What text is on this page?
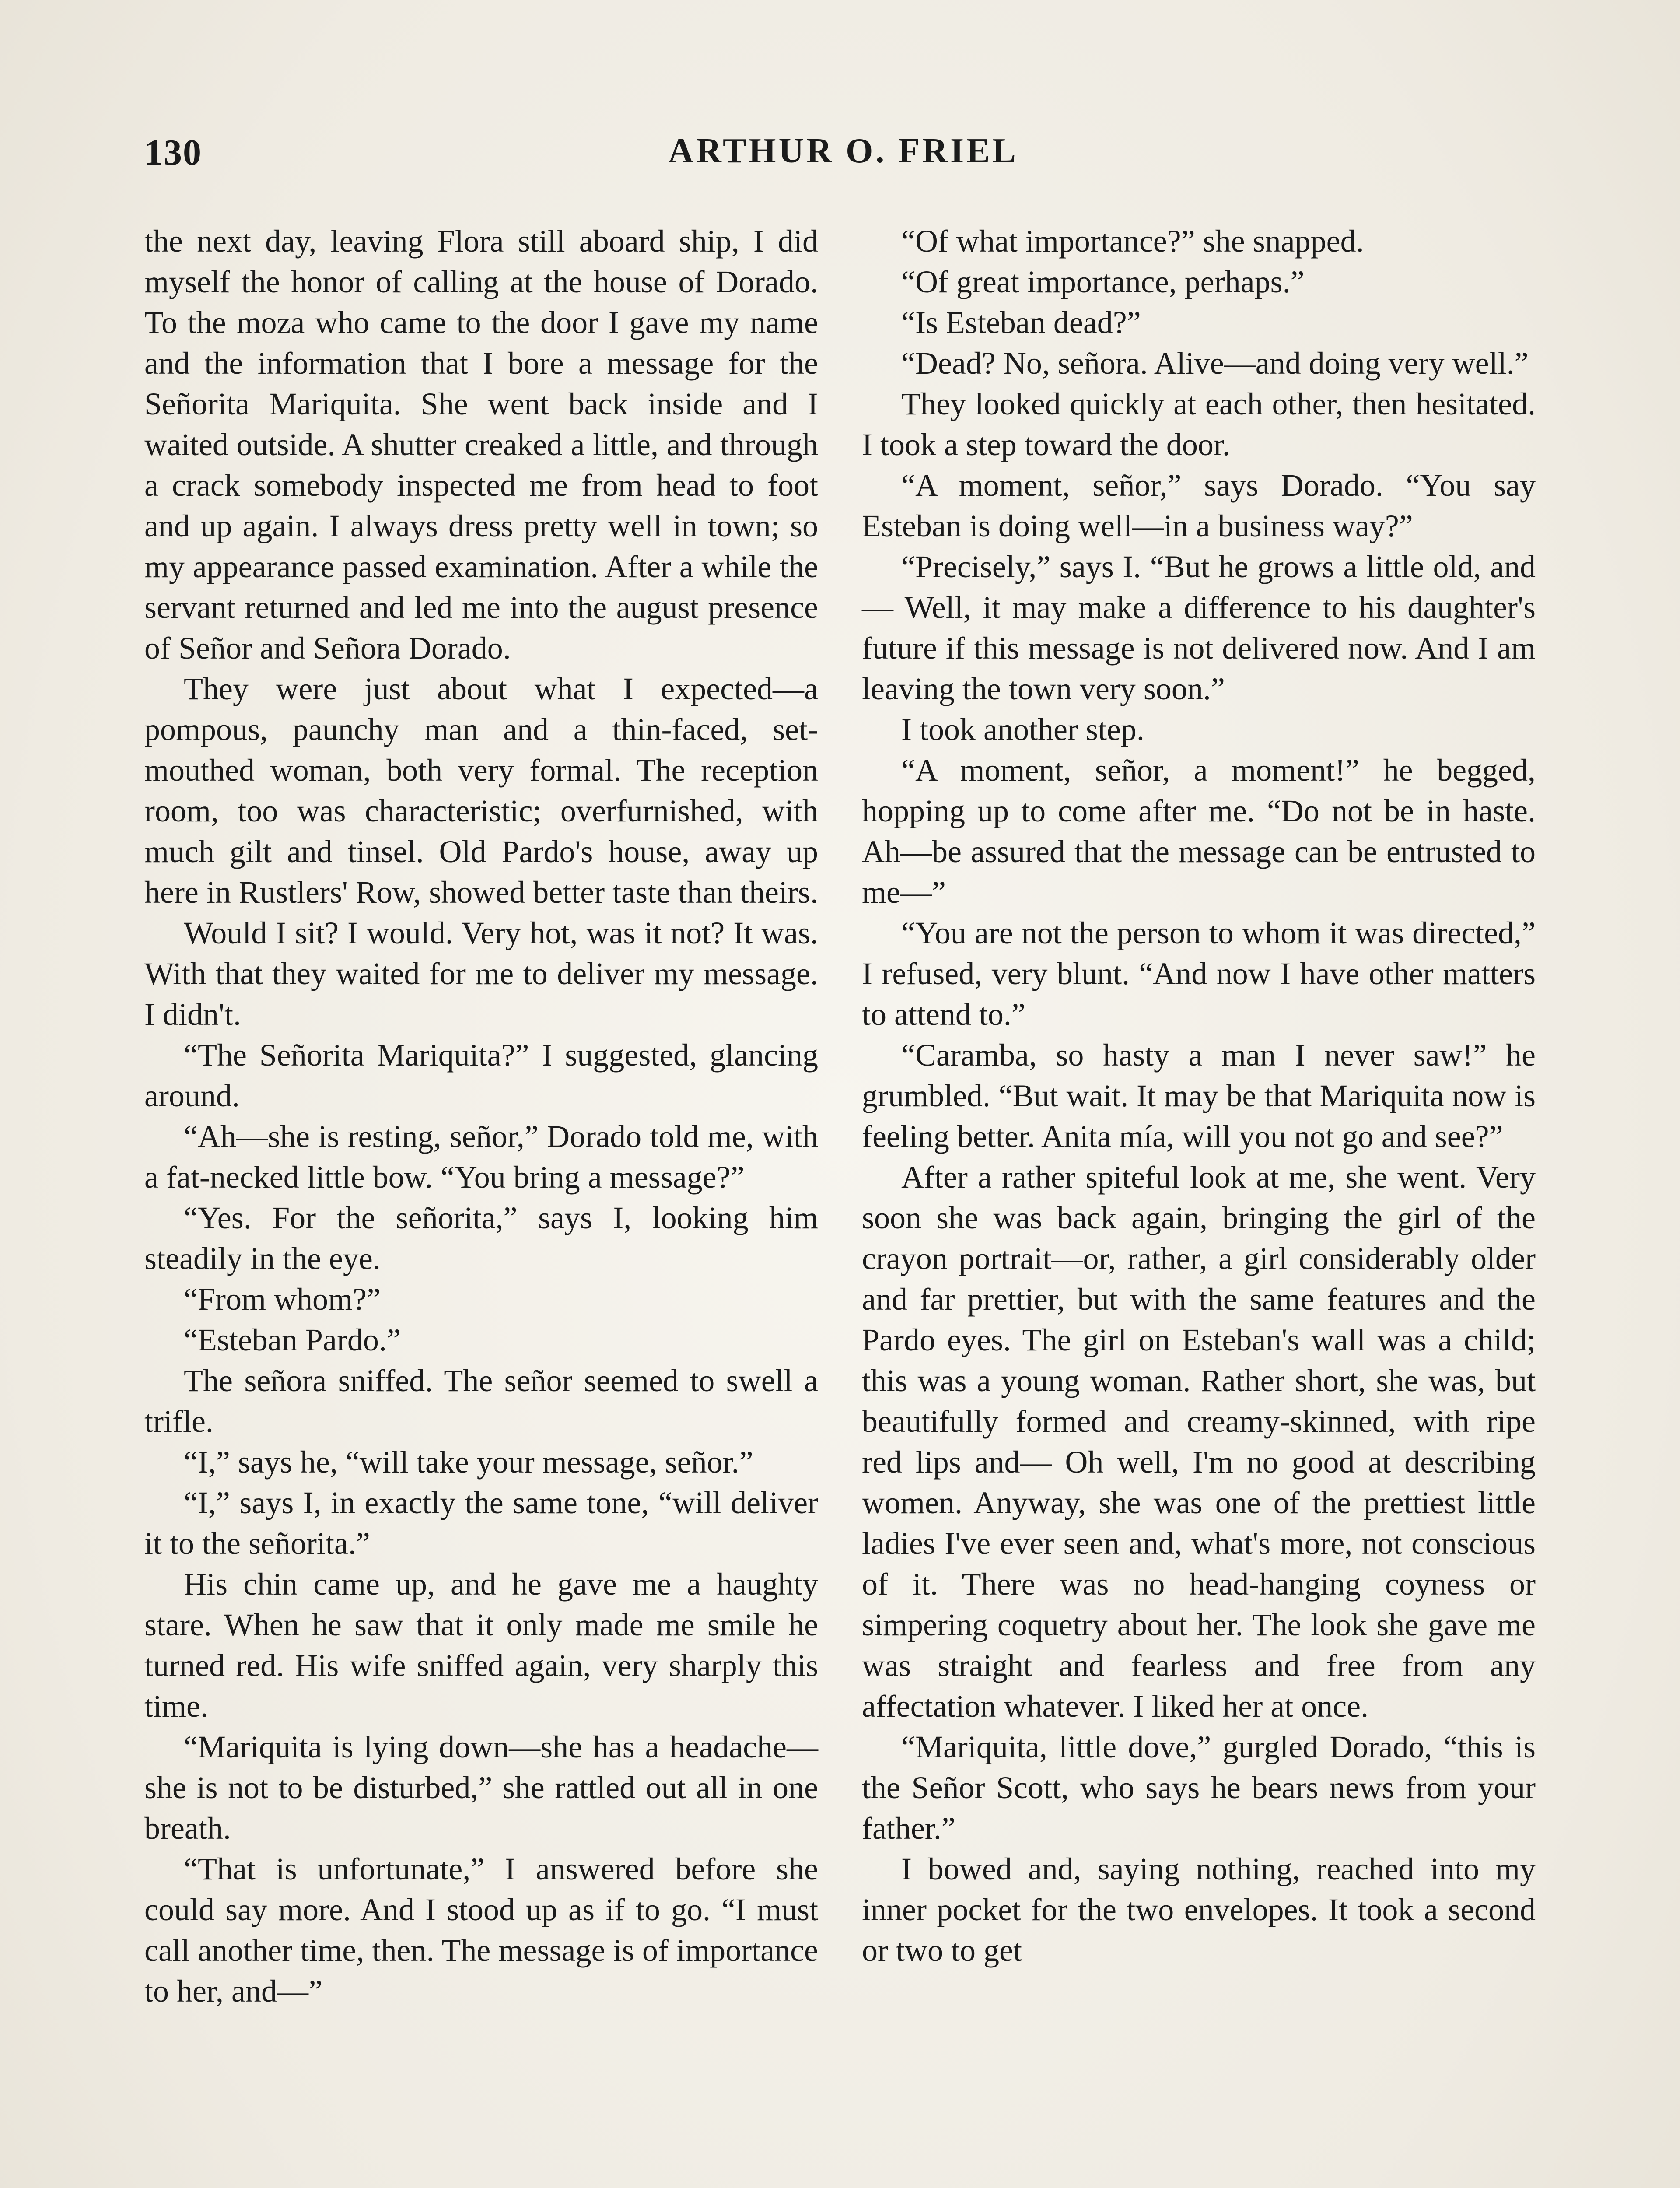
130	ARTHUR O. FRIEL

the next day, leaving Flora still aboard ship, I did myself the honor of calling at the house of Dorado. To the moza who came to the door I gave my name and the information that I bore a message for the Señorita Mariquita. She went back inside and I waited outside. A shutter creaked a little, and through a crack somebody inspected me from head to foot and up again. I always dress pretty well in town; so my appearance passed examination. After a while the servant returned and led me into the august presence of Señor and Señora Dorado.

They were just about what I expected—a pompous, paunchy man and a thin-faced, set-mouthed woman, both very formal. The reception room, too was characteristic; overfurnished, with much gilt and tinsel. Old Pardo's house, away up here in Rustlers' Row, showed better taste than theirs.

Would I sit? I would. Very hot, was it not? It was. With that they waited for me to deliver my message. I didn't.

“The Señorita Mariquita?” I suggested, glancing around.

“Ah—she is resting, señor,” Dorado told me, with a fat-necked little bow. “You bring a message?”

“Yes. For the señorita,” says I, looking him steadily in the eye.

“From whom?”

“Esteban Pardo.”

The señora sniffed. The señor seemed to swell a trifle.

“I,” says he, “will take your message, señor.”

“I,” says I, in exactly the same tone, “will deliver it to the señorita.”

His chin came up, and he gave me a haughty stare. When he saw that it only made me smile he turned red. His wife sniffed again, very sharply this time.

“Mariquita is lying down—she has a headache—she is not to be disturbed,” she rattled out all in one breath.

“That is unfortunate,” I answered before she could say more. And I stood up as if to go. “I must call another time, then. The message is of importance to her, and—”

“Of what importance?” she snapped.

“Of great importance, perhaps.”

“Is Esteban dead?”

“Dead? No, señora. Alive—and doing very well.”

They looked quickly at each other, then hesitated. I took a step toward the door.

“A moment, señor,” says Dorado. “You say Esteban is doing well—in a business way?”

“Precisely,” says I. “But he grows a little old, and— Well, it may make a difference to his daughter's future if this message is not delivered now. And I am leaving the town very soon.”

I took another step.

“A moment, señor, a moment!” he begged, hopping up to come after me. “Do not be in haste. Ah—be assured that the message can be entrusted to me—”

“You are not the person to whom it was directed,” I refused, very blunt. “And now I have other matters to attend to.”

“Caramba, so hasty a man I never saw!” he grumbled. “But wait. It may be that Mariquita now is feeling better. Anita mía, will you not go and see?”

After a rather spiteful look at me, she went. Very soon she was back again, bringing the girl of the crayon portrait—or, rather, a girl considerably older and far prettier, but with the same features and the Pardo eyes. The girl on Esteban's wall was a child; this was a young woman. Rather short, she was, but beautifully formed and creamy-skinned, with ripe red lips and— Oh well, I'm no good at describing women. Anyway, she was one of the prettiest little ladies I've ever seen and, what's more, not conscious of it. There was no head-hanging coyness or simpering coquetry about her. The look she gave me was straight and fearless and free from any affectation whatever. I liked her at once.

“Mariquita, little dove,” gurgled Dorado, “this is the Señor Scott, who says he bears news from your father.”

I bowed and, saying nothing, reached into my inner pocket for the two envelopes. It took a second or two to get
